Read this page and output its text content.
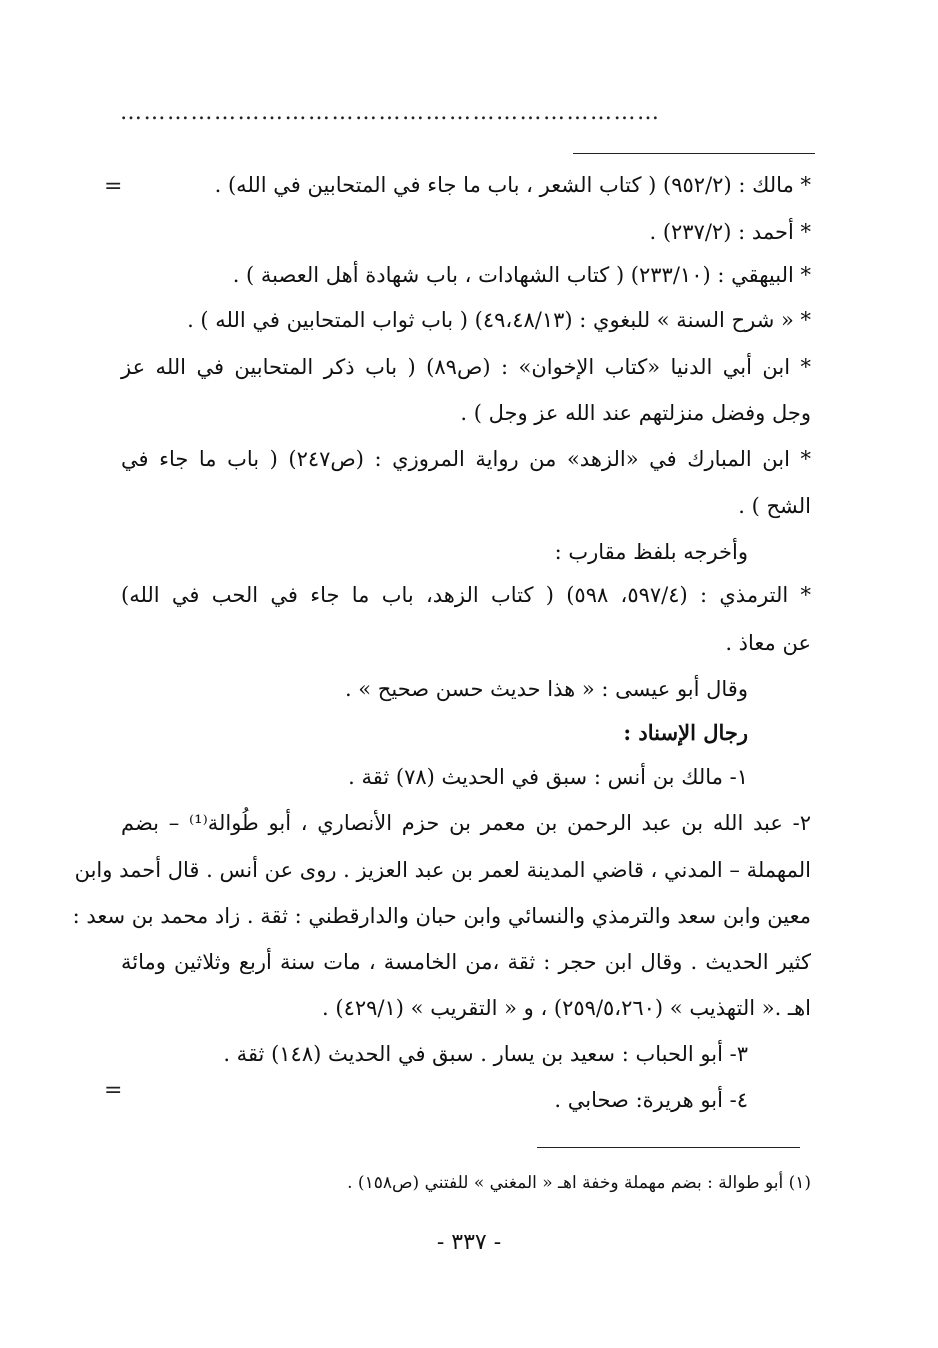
……………………………………………………………
=	* مالك : (٩٥٢/٢) ( كتاب الشعر ، باب ما جاء في المتحابين في الله) .
* أحمد : (٢٣٧/٢) .
* البيهقي : (٢٣٣/١٠) ( كتاب الشهادات ، باب شهادة أهل العصبة ) .
* « شرح السنة » للبغوي : (٤٩،٤٨/١٣) ( باب ثواب المتحابين في الله ) .
* ابن أبي الدنيا «كتاب الإخوان» : (ص٨٩) ( باب ذكر المتحابين في الله عز
وجل وفضل منزلتهم عند الله عز وجل ) .
* ابن المبارك في «الزهد» من رواية المروزي : (ص٢٤٧) ( باب ما جاء في
الشح ) .
وأخرجه بلفظ مقارب :
* الترمذي : (٥٩٧/٤، ٥٩٨) ( كتاب الزهد، باب ما جاء في الحب في الله)
عن معاذ .
وقال أبو عيسى : « هذا حديث حسن صحيح » .
رجال الإسناد :
١- مالك بن أنس : سبق في الحديث (٧٨) ثقة .
٢- عبد الله بن عبد الرحمن بن معمر بن حزم الأنصاري ، أبو طُوالة⁽¹⁾ – بضم
المهملة – المدني ، قاضي المدينة لعمر بن عبد العزيز . روى عن أنس . قال أحمد وابن
معين وابن سعد والترمذي والنسائي وابن حبان والدارقطني : ثقة . زاد محمد بن سعد :
كثير الحديث . وقال ابن حجر : ثقة ،من الخامسة ، مات سنة أربع وثلاثين ومائة
اهـ .« التهذيب » (٢٥٩/٥،٢٦٠) ، و « التقريب » (٤٢٩/١) .
٣- أبو الحباب : سعيد بن يسار . سبق في الحديث (١٤٨) ثقة .
٤- أبو هريرة: صحابي .
=
(١) أبو طوالة : بضم مهملة وخفة اهـ « المغني » للفتني (ص١٥٨) .
- ٣٣٧ -
